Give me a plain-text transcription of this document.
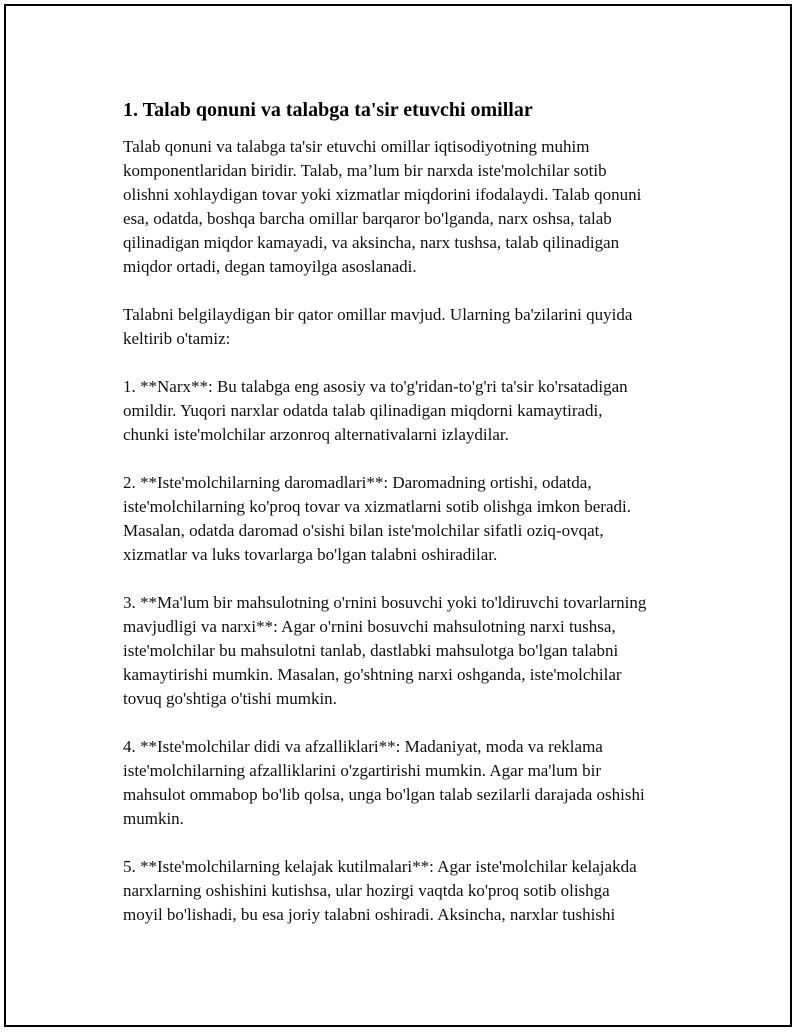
1. Talab qonuni va talabga ta'sir etuvchi omillar

Talab qonuni va talabga ta'sir etuvchi omillar iqtisodiyotning muhim
komponentlaridan biridir. Talab, ma’lum bir narxda iste'molchilar sotib
olishni xohlaydigan tovar yoki xizmatlar miqdorini ifodalaydi. Talab qonuni
esa, odatda, boshqa barcha omillar barqaror bo'lganda, narx oshsa, talab
qilinadigan miqdor kamayadi, va aksincha, narx tushsa, talab qilinadigan
miqdor ortadi, degan tamoyilga asoslanadi.

Talabni belgilaydigan bir qator omillar mavjud. Ularning ba'zilarini quyida
keltirib o'tamiz:

1. **Narx**: Bu talabga eng asosiy va to'g'ridan-to'g'ri ta'sir ko'rsatadigan
omildir. Yuqori narxlar odatda talab qilinadigan miqdorni kamaytiradi,
chunki iste'molchilar arzonroq alternativalarni izlaydilar.

2. **Iste'molchilarning daromadlari**: Daromadning ortishi, odatda,
iste'molchilarning ko'proq tovar va xizmatlarni sotib olishga imkon beradi.
Masalan, odatda daromad o'sishi bilan iste'molchilar sifatli oziq-ovqat,
xizmatlar va luks tovarlarga bo'lgan talabni oshiradilar.

3. **Ma'lum bir mahsulotning o'rnini bosuvchi yoki to'ldiruvchi tovarlarning
mavjudligi va narxi**: Agar o'rnini bosuvchi mahsulotning narxi tushsa,
iste'molchilar bu mahsulotni tanlab, dastlabki mahsulotga bo'lgan talabni
kamaytirishi mumkin. Masalan, go'shtning narxi oshganda, iste'molchilar
tovuq go'shtiga o'tishi mumkin.

4. **Iste'molchilar didi va afzalliklari**: Madaniyat, moda va reklama
iste'molchilarning afzalliklarini o'zgartirishi mumkin. Agar ma'lum bir
mahsulot ommabop bo'lib qolsa, unga bo'lgan talab sezilarli darajada oshishi
mumkin.

5. **Iste'molchilarning kelajak kutilmalari**: Agar iste'molchilar kelajakda
narxlarning oshishini kutishsa, ular hozirgi vaqtda ko'proq sotib olishga
moyil bo'lishadi, bu esa joriy talabni oshiradi. Aksincha, narxlar tushishi
